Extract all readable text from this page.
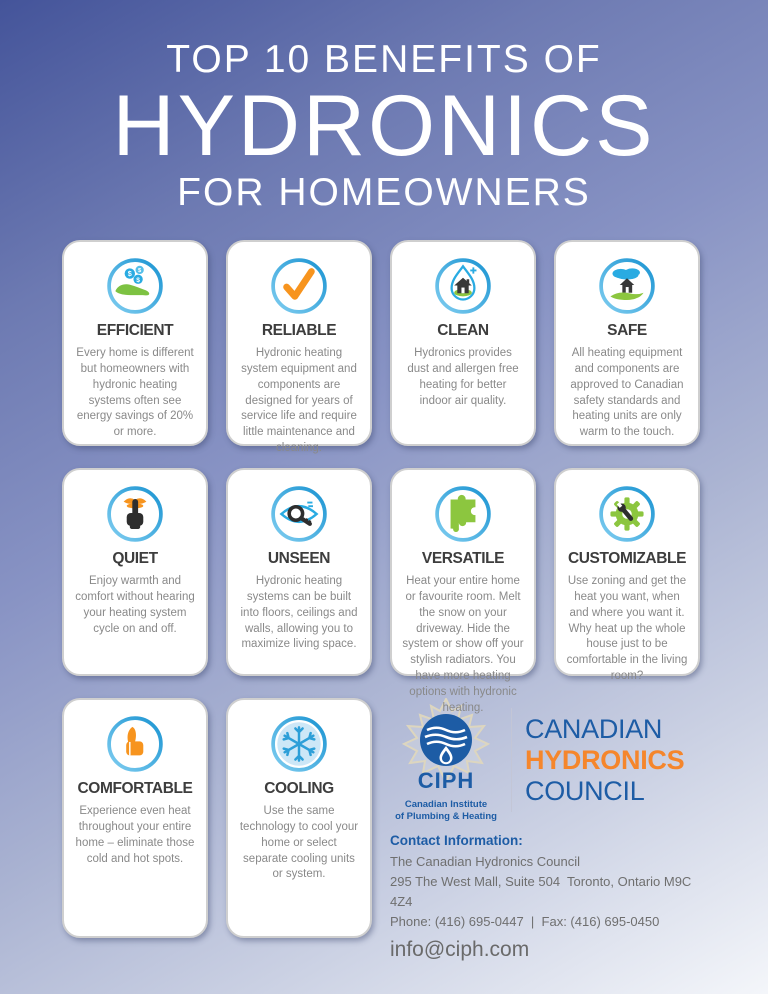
TOP 10 BENEFITS OF
HYDRONICS
FOR HOMEOWNERS
CIPH
Canadian Institute
of Plumbing & Heating
CANADIAN
HYDRONICS
COUNCIL
Contact Information:
The Canadian Hydronics Council
295 The West Mall, Suite 504  Toronto, Ontario M9C 4Z4
Phone: (416) 695-0447  |  Fax: (416) 695-0450
info@ciph.com
EFFICIENT

Every home is different but homeowners with hydronic heating systems often see energy savings of 20% or more.

RELIABLE

Hydronic heating system equipment and components are designed for years of service life and require little maintenance and cleaning.

CLEAN

Hydronics provides dust and allergen free heating for better indoor air quality.

SAFE

All heating equipment and components are approved to Canadian safety standards and heating units are only warm to the touch.

QUIET

Enjoy warmth and comfort without hearing your heating system cycle on and off.

UNSEEN

Hydronic heating systems can be built into floors, ceilings and walls, allowing you to maximize living space.

VERSATILE

Heat your entire home or favourite room. Melt the snow on your driveway. Hide the system or show off your stylish radiators. You have more heating options with hydronic heating.

CUSTOMIZABLE

Use zoning and get the heat you want, when and where you want it. Why heat up the whole house just to be comfortable in the living room?

COMFORTABLE

Experience even heat throughout your entire home – eliminate those cold and hot spots.

COOLING

Use the same technology to cool your home or select separate cooling units or system.
